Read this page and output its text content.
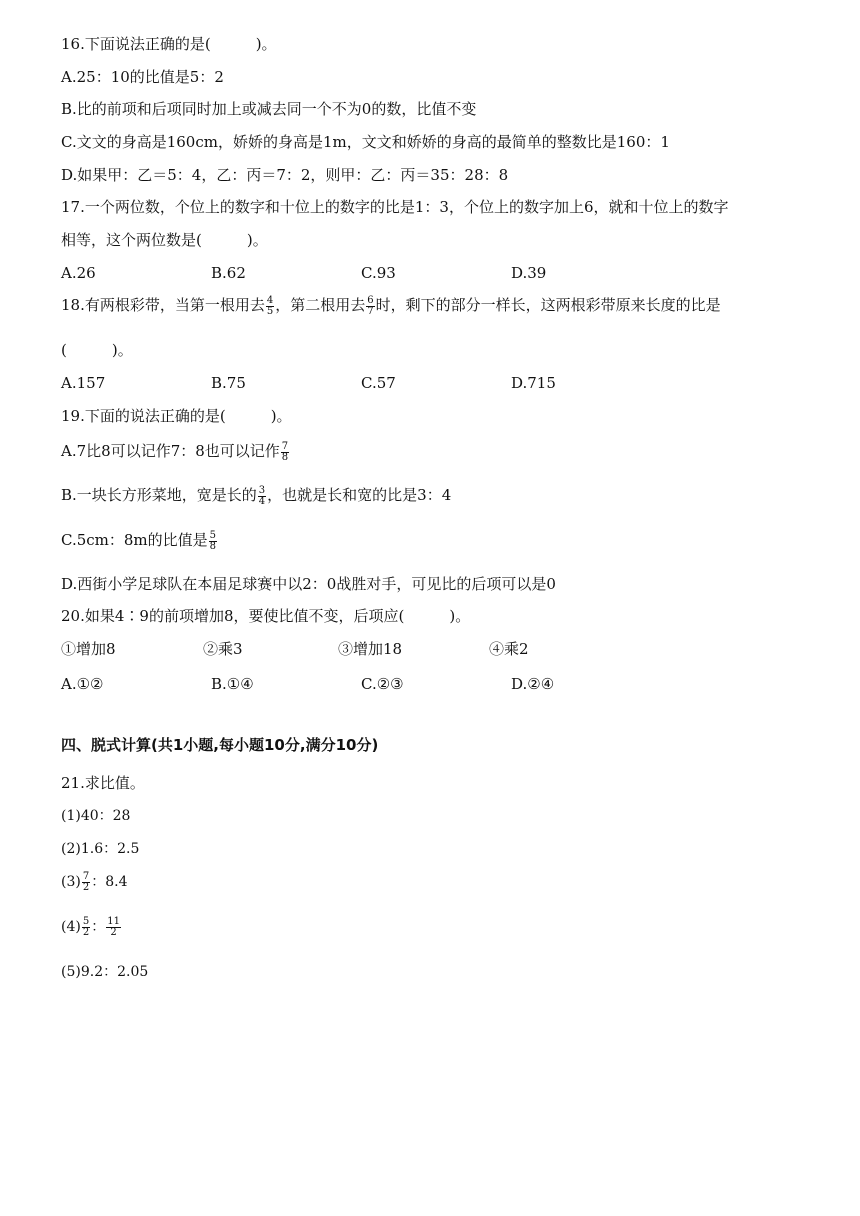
16.下面说法正确的是(　　　)。
A.25：10的比值是5：2
B.比的前项和后项同时加上或减去同一个不为0的数，比值不变
C.文文的身高是160cm，娇娇的身高是1m，文文和娇娇的身高的最简单的整数比是160：1
D.如果甲：乙＝5：4，乙：丙＝7：2，则甲：乙：丙＝35：28：8
17.一个两位数，个位上的数字和十位上的数字的比是1：3，个位上的数字加上6，就和十位上的数字
相等，这个两位数是(　　　)。
A.26	B.62	C.93	D.39
18.有两根彩带，当第一根用去 $\frac{4}{5}$ ，第二根用去 $\frac{6}{7}$ 时，剩下的部分一样长，这两根彩带原来长度的比是
(　　　)。
A.157	B.75	C.57	D.715
19.下面的说法正确的是(　　　)。
A.7比8可以记作7：8也可以记作 $\frac{7}{8}$
B.一块长方形菜地，宽是长的 $\frac{3}{4}$ ，也就是长和宽的比是3：4
C.5cm：8m的比值是 $\frac{5}{8}$
D.西街小学足球队在本届足球赛中以2：0战胜对手，可见比的后项可以是0
20.如果4∶9的前项增加8，要使比值不变，后项应(　　　)。
①增加8	②乘3	③增加18	④乘2
A.①②	B.①④	C.②③	D.②④
四、脱式计算(共1小题,每小题10分,满分10分)
21.求比值。
(1)40：28
(2)1.6：2.5
$(3) \frac{7}{2}$ ：8.4
$(4) \frac{5}{2}$ ： $\frac{11}{2}$
(5)9.2：2.05
